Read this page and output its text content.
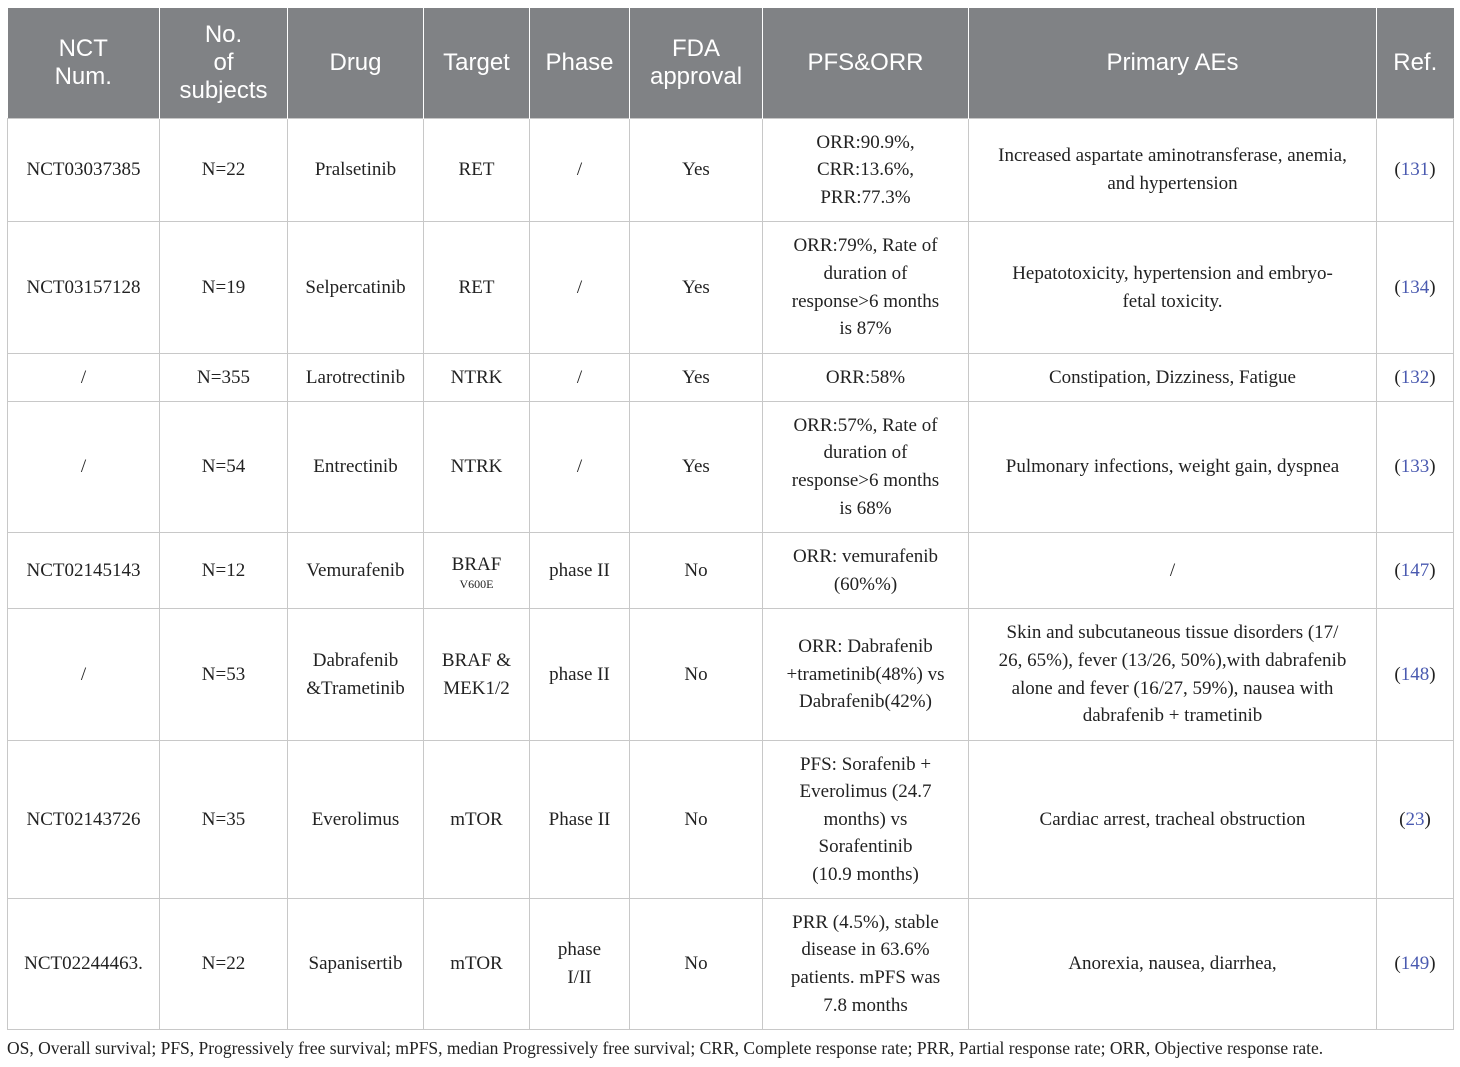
NCT
Num.	No.
of
subjects	Drug	Target	Phase	FDA
approval	PFS&ORR	Primary AEs	Ref.
NCT03037385	N=22	Pralsetinib	RET	/	Yes	ORR:90.9%,
CRR:13.6%,
PRR:77.3%	Increased aspartate aminotransferase, anemia,
and hypertension	(131)
NCT03157128	N=19	Selpercatinib	RET	/	Yes	ORR:79%, Rate of
duration of
response>6 months
is 87%	Hepatotoxicity, hypertension and embryo-
fetal toxicity.	(134)
/	N=355	Larotrectinib	NTRK	/	Yes	ORR:58%	Constipation, Dizziness, Fatigue	(132)
/	N=54	Entrectinib	NTRK	/	Yes	ORR:57%, Rate of
duration of
response>6 months
is 68%	Pulmonary infections, weight gain, dyspnea	(133)
NCT02145143	N=12	Vemurafenib	BRAF
V600E	phase II	No	ORR: vemurafenib
(60%%)	/	(147)
/	N=53	Dabrafenib
&Trametinib	BRAF &
MEK1/2	phase II	No	ORR: Dabrafenib
+trametinib(48%) vs
Dabrafenib(42%)	Skin and subcutaneous tissue disorders (17/
26, 65%), fever (13/26, 50%),with dabrafenib
alone and fever (16/27, 59%), nausea with
dabrafenib + trametinib	(148)
NCT02143726	N=35	Everolimus	mTOR	Phase II	No	PFS: Sorafenib +
Everolimus (24.7
months) vs
Sorafentinib
(10.9 months)	Cardiac arrest, tracheal obstruction	(23)
NCT02244463.	N=22	Sapanisertib	mTOR	phase
I/II	No	PRR (4.5%), stable
disease in 63.6%
patients. mPFS was
7.8 months	Anorexia, nausea, diarrhea,	(149)
OS, Overall survival; PFS, Progressively free survival; mPFS, median Progressively free survival; CRR, Complete response rate; PRR, Partial response rate; ORR, Objective response rate.
